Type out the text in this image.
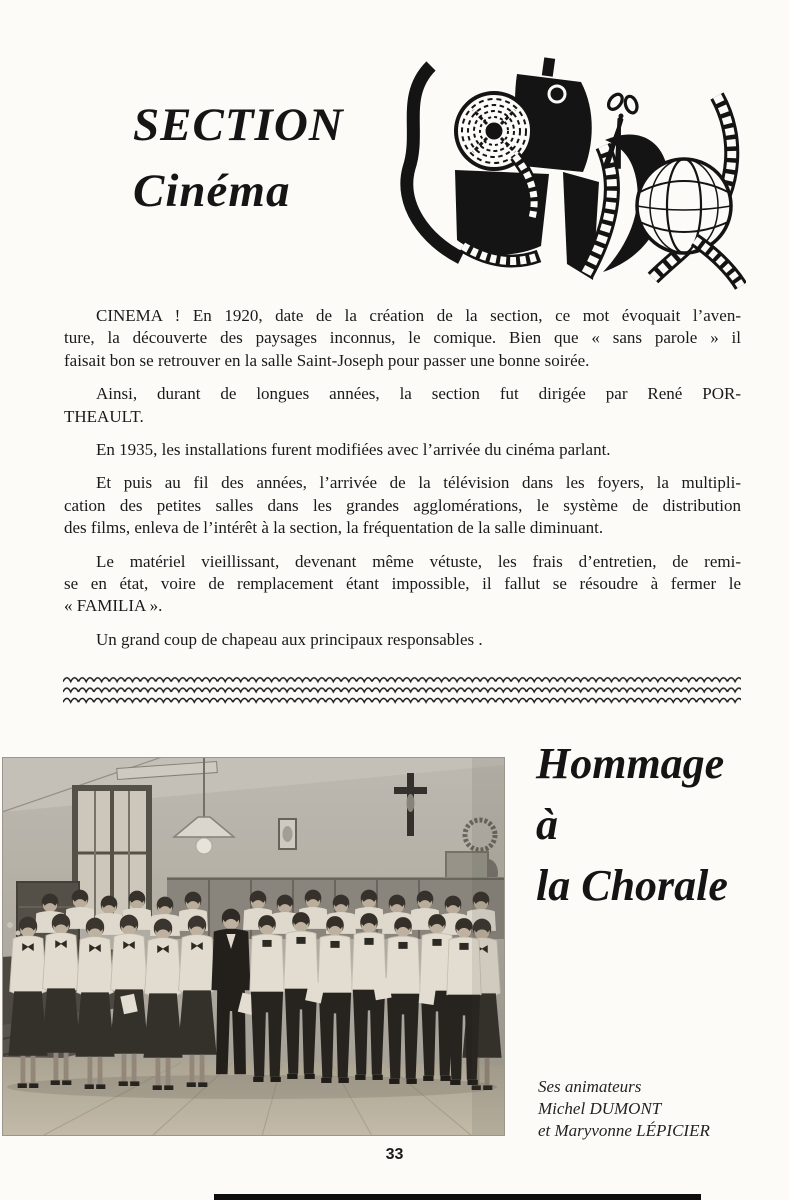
SECTION
Cinéma

CINEMA ! En 1920, date de la création de la section, ce mot évoquait l’aven-
ture, la découverte des paysages inconnus, le comique. Bien que « sans parole » il
faisait bon se retrouver en la salle Saint-Joseph pour passer une bonne soirée.

Ainsi, durant de longues années, la section fut dirigée par René POR-
THEAULT.

En 1935, les installations furent modifiées avec l’arrivée du cinéma parlant.

Et puis au fil des années, l’arrivée de la télévision dans les foyers, la multipli-
cation des petites salles dans les grandes agglomérations, le système de distribution
des films, enleva de l’intérêt à la section, la fréquentation de la salle diminuant.

Le matériel vieillissant, devenant même vétuste, les frais d’entretien, de remi-
se en état, voire de remplacement étant impossible, il fallut se résoudre à fermer le
« FAMILIA ».

Un grand coup de chapeau aux principaux responsables .

Hommage
à
la Chorale
Ses animateurs
Michel DUMONT
et Maryvonne LÉPICIER
33
